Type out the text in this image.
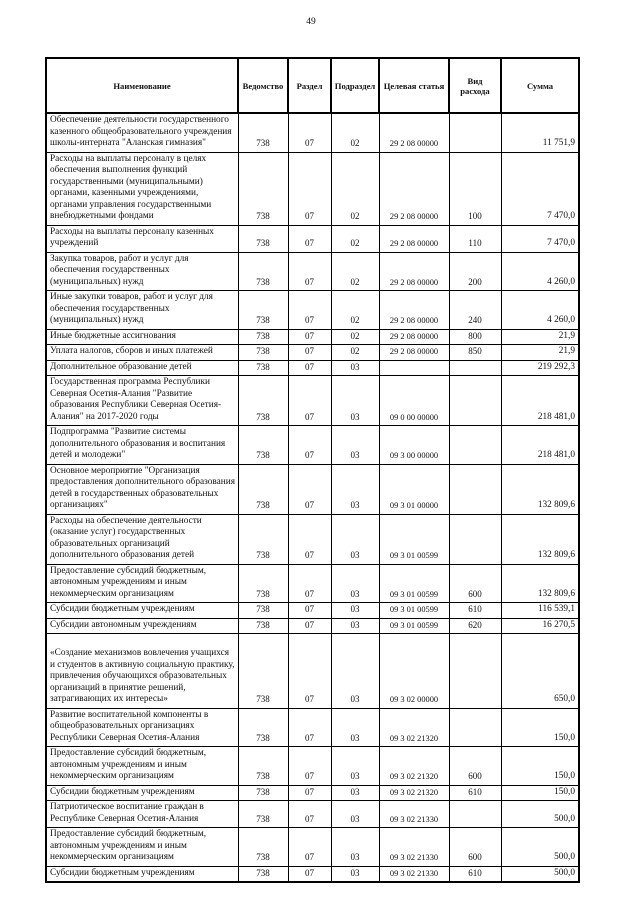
49
Наименование	Ведомство	Раздел	Подраздел	Целевая статья	Вид расхода	Сумма
Обеспечение деятельности государственного казенного общеобразовательного учреждения школы-интерната "Аланская гимназия"	738	07	02	29 2 08 00000		11 751,9
Расходы на выплаты персоналу в целях обеспечения выполнения функций государственными (муниципальными) органами, казенными учреждениями, органами управления государственными внебюджетными фондами	738	07	02	29 2 08 00000	100	7 470,0
Расходы на выплаты персоналу казенных учреждений	738	07	02	29 2 08 00000	110	7 470,0
Закупка товаров, работ и услуг для обеспечения государственных (муниципальных) нужд	738	07	02	29 2 08 00000	200	4 260,0
Иные закупки товаров, работ и услуг для обеспечения государственных (муниципальных) нужд	738	07	02	29 2 08 00000	240	4 260,0
Иные бюджетные ассигнования	738	07	02	29 2 08 00000	800	21,9
Уплата налогов, сборов и иных платежей	738	07	02	29 2 08 00000	850	21,9
Дополнительное образование детей	738	07	03			219 292,3
Государственная программа Республики Северная Осетия-Алания "Развитие образования Республики Северная Осетия-Алания" на 2017-2020 годы	738	07	03	09 0 00 00000		218 481,0
Подпрограмма "Развитие системы дополнительного образования и воспитания детей и молодежи"	738	07	03	09 3 00 00000		218 481,0
Основное мероприятие "Организация предоставления дополнительного образования детей в государственных образовательных организациях"	738	07	03	09 3 01 00000		132 809,6
Расходы на обеспечение деятельности (оказание услуг) государственных образовательных организаций дополнительного образования детей	738	07	03	09 3 01 00599		132 809,6
Предоставление субсидий бюджетным, автономным учреждениям и иным некоммерческим организациям	738	07	03	09 3 01 00599	600	132 809,6
Субсидии бюджетным учреждениям	738	07	03	09 3 01 00599	610	116 539,1
Субсидии автономным учреждениям	738	07	03	09 3 01 00599	620	16 270,5
«Создание механизмов вовлечения учащихся и студентов в активную социальную практику, привлечения обучающихся образовательных организаций в принятие решений, затрагивающих их интересы»	738	07	03	09 3 02 00000		650,0
Развитие воспитательной компоненты в общеобразовательных организациях Республики Северная Осетия-Алания	738	07	03	09 3 02 21320		150,0
Предоставление субсидий бюджетным, автономным учреждениям и иным некоммерческим организациям	738	07	03	09 3 02 21320	600	150,0
Субсидии бюджетным учреждениям	738	07	03	09 3 02 21320	610	150,0
Патриотическое воспитание граждан в Республике Северная Осетия-Алания	738	07	03	09 3 02 21330		500,0
Предоставление субсидий бюджетным, автономным учреждениям и иным некоммерческим организациям	738	07	03	09 3 02 21330	600	500,0
Субсидии бюджетным учреждениям	738	07	03	09 3 02 21330	610	500,0
